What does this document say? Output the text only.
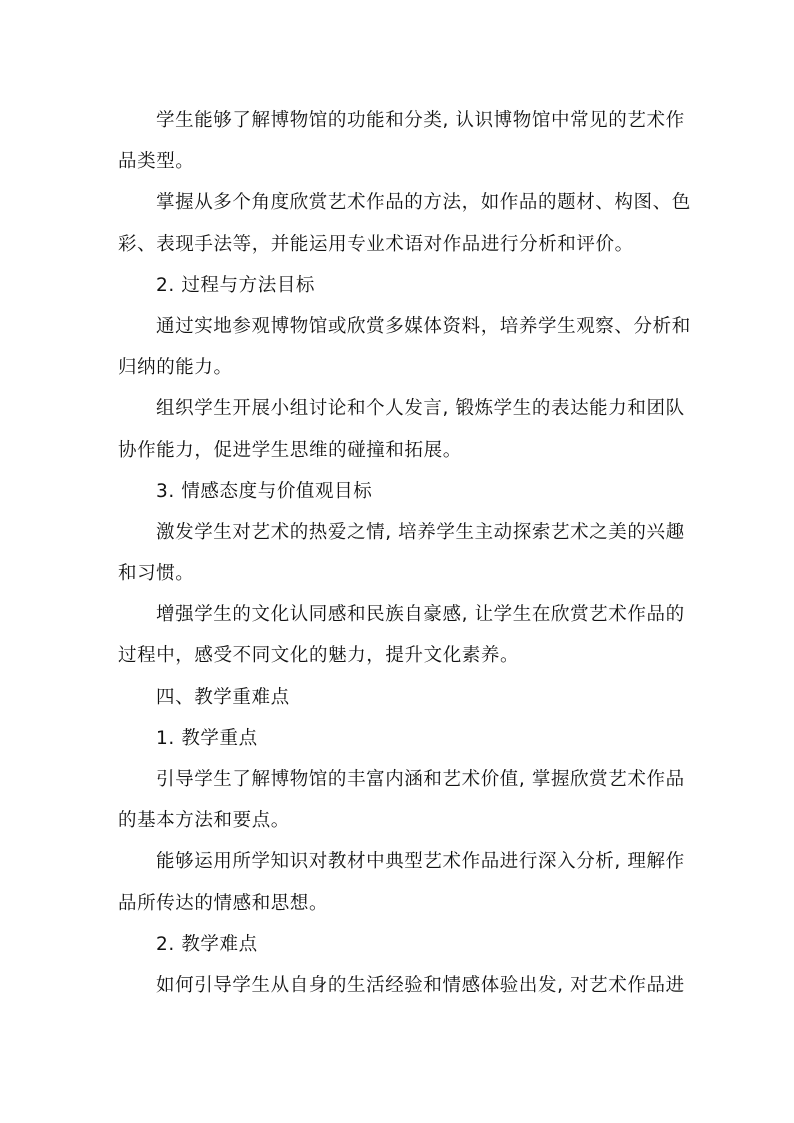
学生能够了解博物馆的功能和分类, 认识博物馆中常见的艺术作
品类型。
掌握从多个角度欣赏艺术作品的方法，如作品的题材、构图、色
彩、表现手法等，并能运用专业术语对作品进行分析和评价。
2. 过程与方法目标
通过实地参观博物馆或欣赏多媒体资料，培养学生观察、分析和
归纳的能力。
组织学生开展小组讨论和个人发言, 锻炼学生的表达能力和团队
协作能力，促进学生思维的碰撞和拓展。
3. 情感态度与价值观目标
激发学生对艺术的热爱之情, 培养学生主动探索艺术之美的兴趣
和习惯。
增强学生的文化认同感和民族自豪感, 让学生在欣赏艺术作品的
过程中，感受不同文化的魅力，提升文化素养。
四、教学重难点
1. 教学重点
引导学生了解博物馆的丰富内涵和艺术价值, 掌握欣赏艺术作品
的基本方法和要点。
能够运用所学知识对教材中典型艺术作品进行深入分析, 理解作
品所传达的情感和思想。
2. 教学难点
如何引导学生从自身的生活经验和情感体验出发, 对艺术作品进
